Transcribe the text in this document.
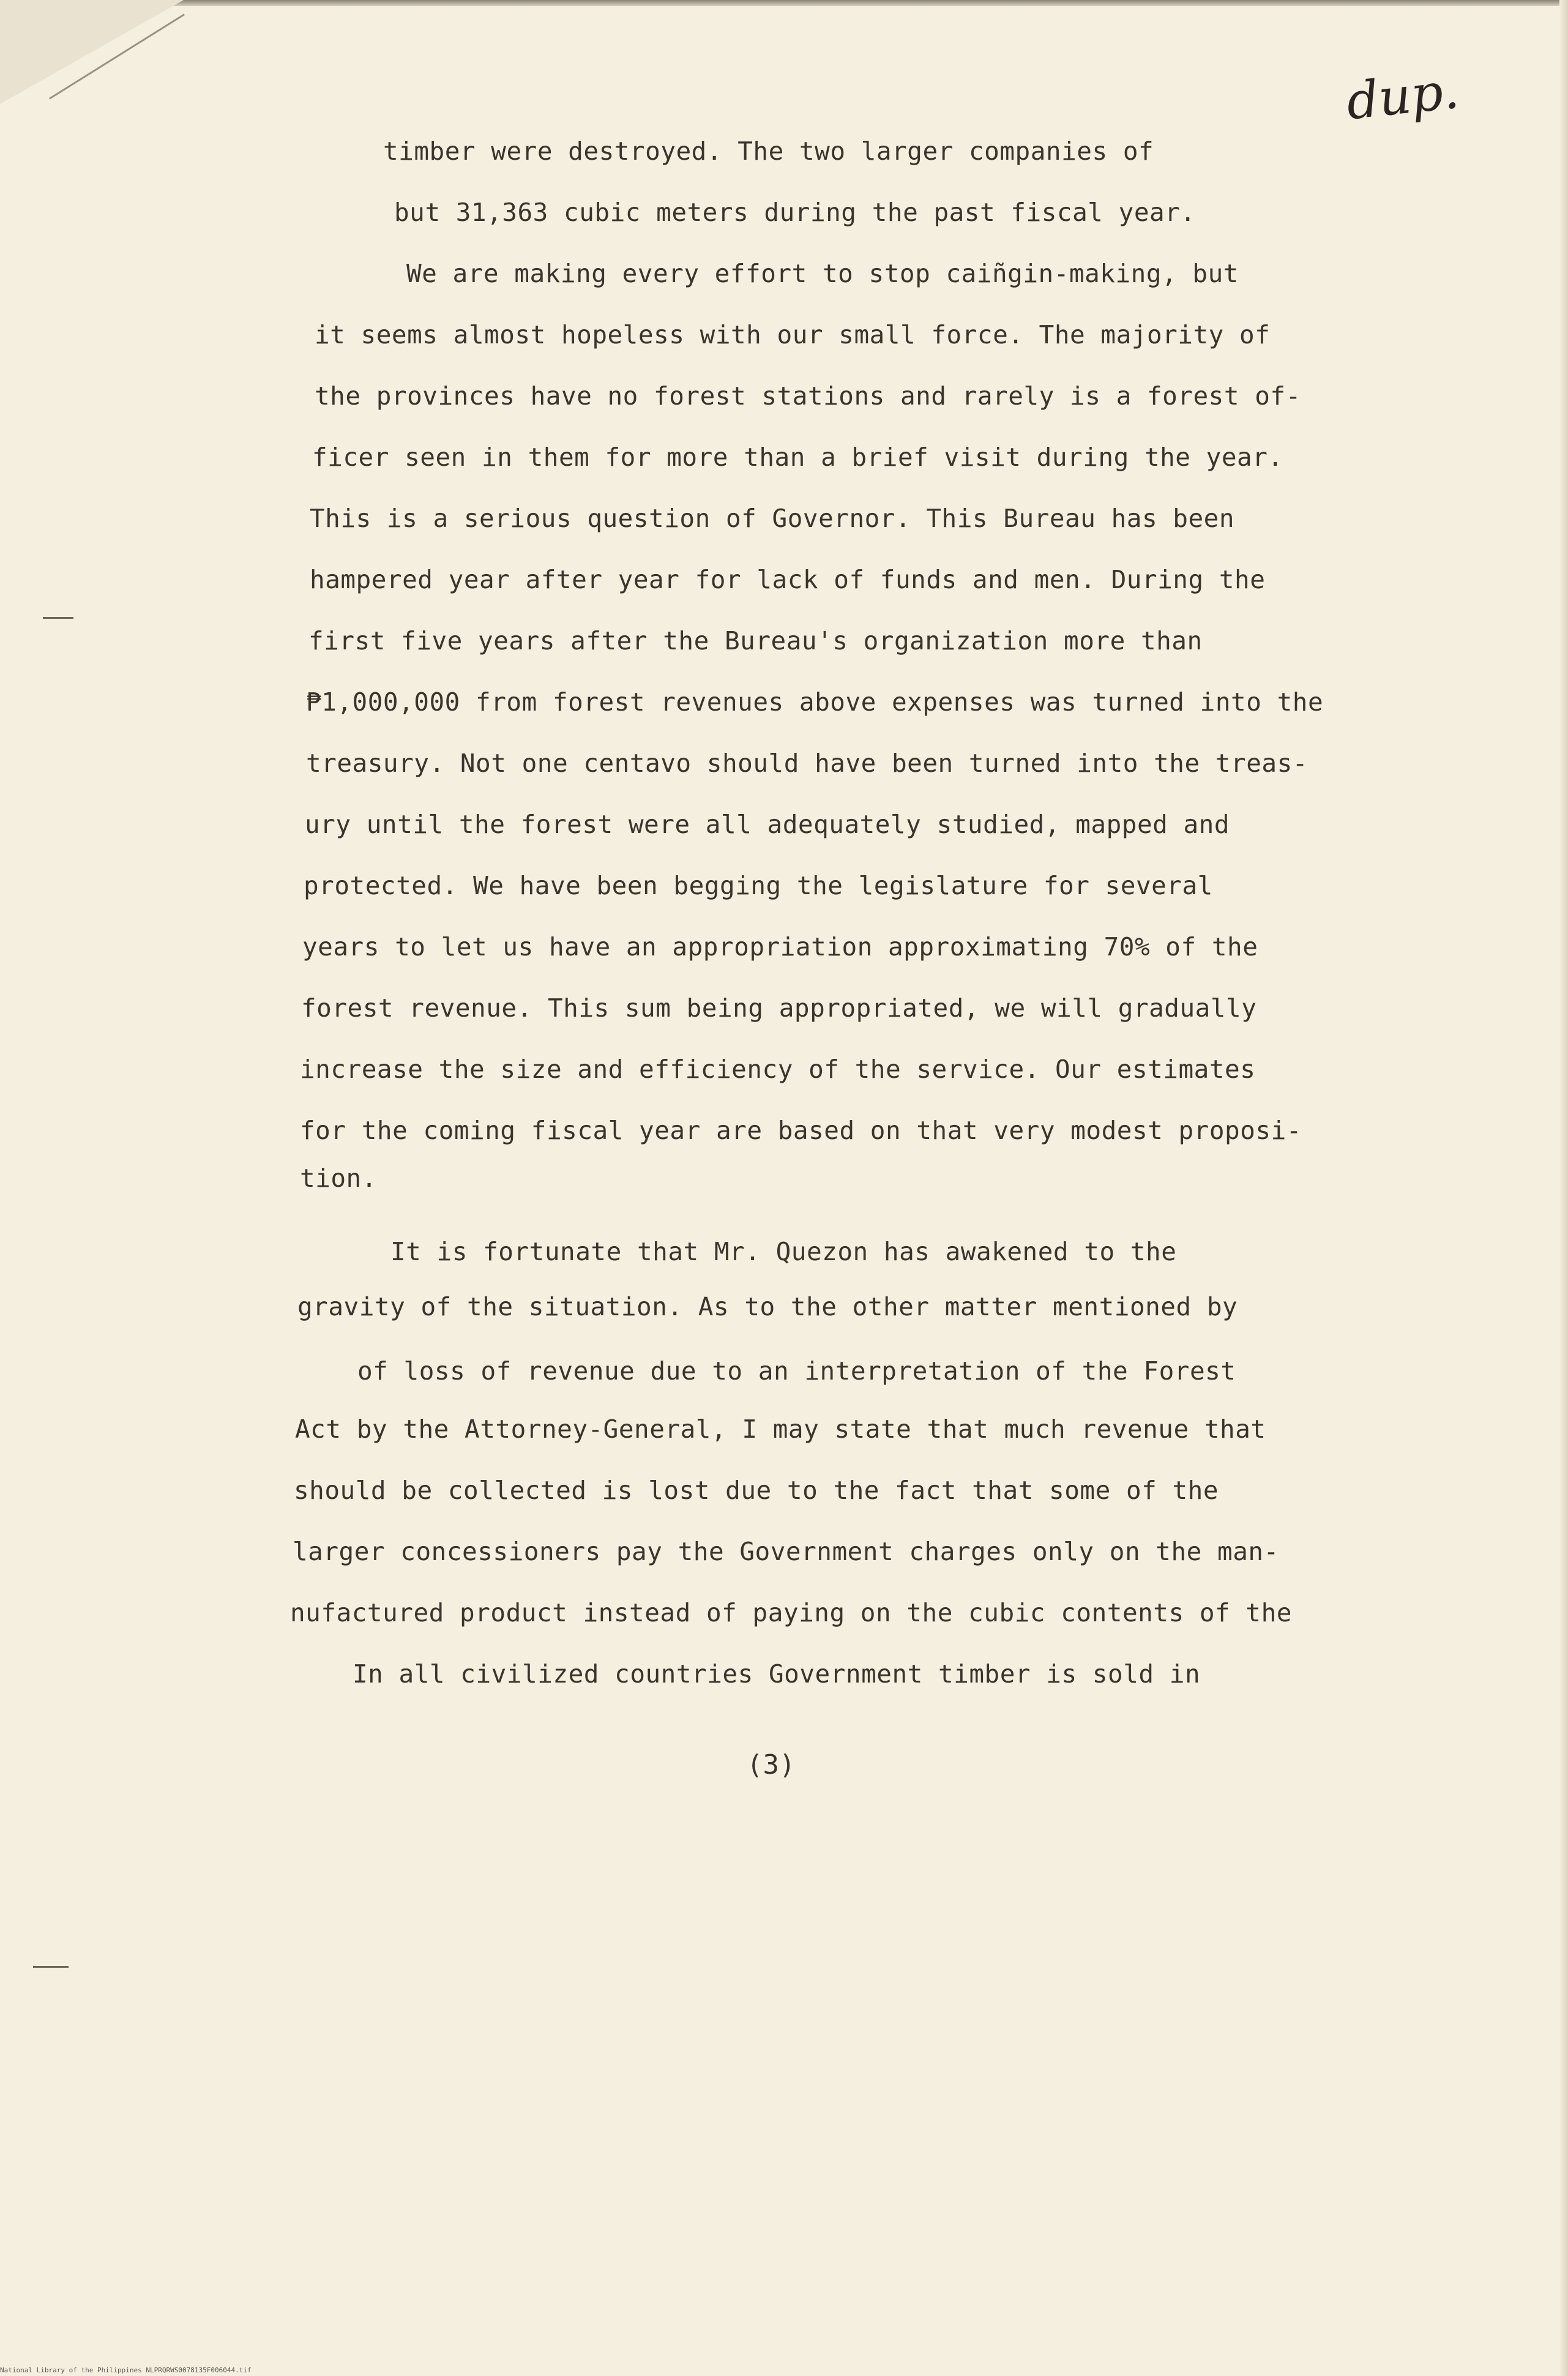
dup.
timber were destroyed. The two larger companies of
but 31,363 cubic meters during the past fiscal year.
We are making every effort to stop caiñgin-making, but
it seems almost hopeless with our small force. The majority of
the provinces have no forest stations and rarely is a forest of-
ficer seen in them for more than a brief visit during the year.
This is a serious question of Governor. This Bureau has been
hampered year after year for lack of funds and men. During the
first five years after the Bureau's organization more than
₱1,000,000 from forest revenues above expenses was turned into the
treasury. Not one centavo should have been turned into the treas-
ury until the forest were all adequately studied, mapped and
protected. We have been begging the legislature for several
years to let us have an appropriation approximating 70% of the
forest revenue. This sum being appropriated, we will gradually
increase the size and efficiency of the service. Our estimates
for the coming fiscal year are based on that very modest proposi-
tion.
It is fortunate that Mr. Quezon has awakened to the
gravity of the situation. As to the other matter mentioned by
of loss of revenue due to an interpretation of the Forest
Act by the Attorney-General, I may state that much revenue that
should be collected is lost due to the fact that some of the
larger concessioners pay the Government charges only on the man-
nufactured product instead of paying on the cubic contents of the
In all civilized countries Government timber is sold in
(3)
National Library of the Philippines NLPRQRWS0078135F006044.tif
